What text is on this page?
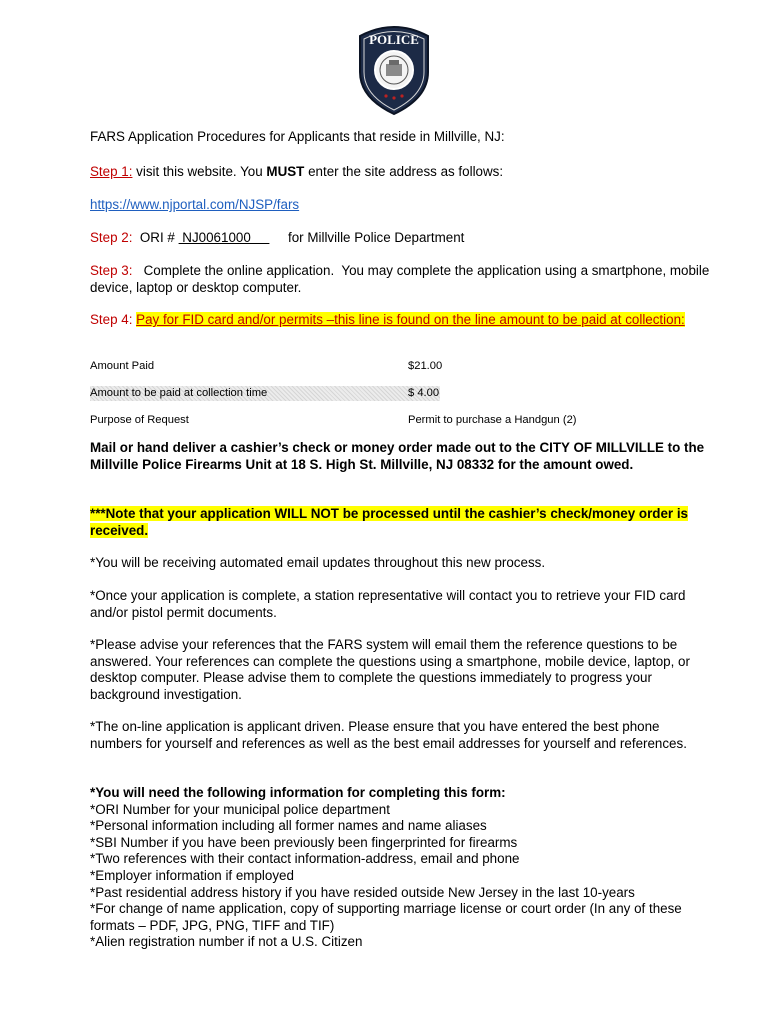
POLICE
FARS Application Procedures for Applicants that reside in Millville, NJ:
Step 1: visit this website. You MUST enter the site address as follows:
https://www.njportal.com/NJSP/fars
Step 2:  ORI #  NJ0061000          for Millville Police Department
Step 3:   Complete the online application.  You may complete the application using a smartphone, mobile device, laptop or desktop computer.
Step 4: Pay for FID card and/or permits –this line is found on the line amount to be paid at collection:
Amount Paid	$21.00
Amount to be paid at collection time	$ 4.00
Purpose of Request	Permit to purchase a Handgun (2)
Mail or hand deliver a cashier’s check or money order made out to the CITY OF MILLVILLE to the Millville Police Firearms Unit at 18 S. High St. Millville, NJ 08332 for the amount owed.
***Note that your application WILL NOT be processed until the cashier’s check/money order is received.
*You will be receiving automated email updates throughout this new process.
*Once your application is complete, a station representative will contact you to retrieve your FID card and/or pistol permit documents.
*Please advise your references that the FARS system will email them the reference questions to be answered. Your references can complete the questions using a smartphone, mobile device, laptop, or desktop computer. Please advise them to complete the questions immediately to progress your background investigation.
*The on-line application is applicant driven. Please ensure that you have entered the best phone numbers for yourself and references as well as the best email addresses for yourself and references.
*You will need the following information for completing this form:
*ORI Number for your municipal police department
*Personal information including all former names and name aliases
*SBI Number if you have been previously been fingerprinted for firearms
*Two references with their contact information-address, email and phone
*Employer information if employed
*Past residential address history if you have resided outside New Jersey in the last 10-years
*For change of name application, copy of supporting marriage license or court order (In any of these formats – PDF, JPG, PNG, TIFF and TIF)
*Alien registration number if not a U.S. Citizen
